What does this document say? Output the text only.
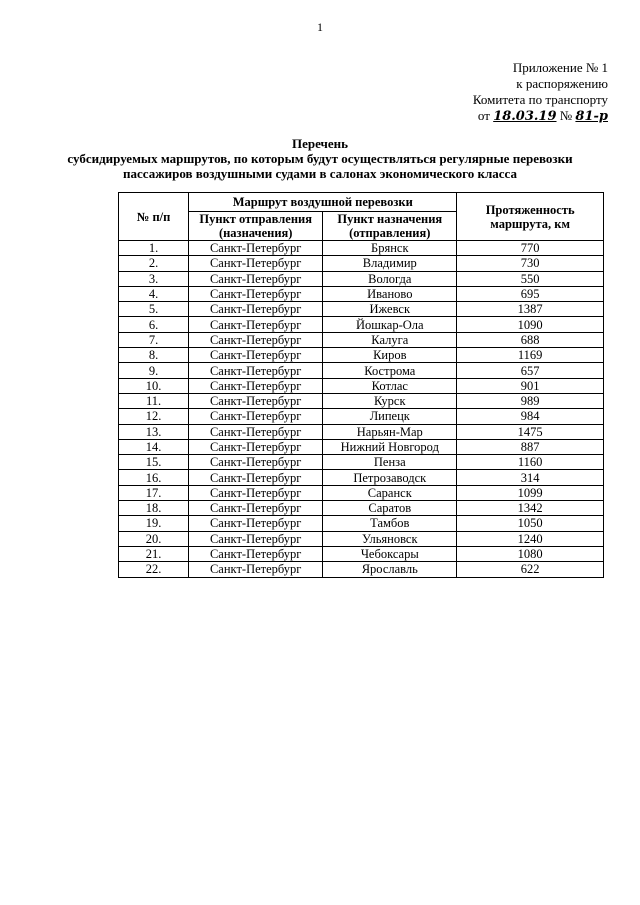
1
Приложение № 1
к распоряжению
Комитета по транспорту
от 18.03.19 № 81-р
Перечень
субсидируемых маршрутов, по которым будут осуществляться регулярные перевозки
пассажиров воздушными судами в салонах экономического класса
№ п/п	Маршрут воздушной перевозки		Протяженность маршрута, км
	Пункт отправления (назначения)	Пункт назначения (отправления)	
1.	Санкт-Петербург	Брянск	770
2.	Санкт-Петербург	Владимир	730
3.	Санкт-Петербург	Вологда	550
4.	Санкт-Петербург	Иваново	695
5.	Санкт-Петербург	Ижевск	1387
6.	Санкт-Петербург	Йошкар-Ола	1090
7.	Санкт-Петербург	Калуга	688
8.	Санкт-Петербург	Киров	1169
9.	Санкт-Петербург	Кострома	657
10.	Санкт-Петербург	Котлас	901
11.	Санкт-Петербург	Курск	989
12.	Санкт-Петербург	Липецк	984
13.	Санкт-Петербург	Нарьян-Мар	1475
14.	Санкт-Петербург	Нижний Новгород	887
15.	Санкт-Петербург	Пенза	1160
16.	Санкт-Петербург	Петрозаводск	314
17.	Санкт-Петербург	Саранск	1099
18.	Санкт-Петербург	Саратов	1342
19.	Санкт-Петербург	Тамбов	1050
20.	Санкт-Петербург	Ульяновск	1240
21.	Санкт-Петербург	Чебоксары	1080
22.	Санкт-Петербург	Ярославль	622
